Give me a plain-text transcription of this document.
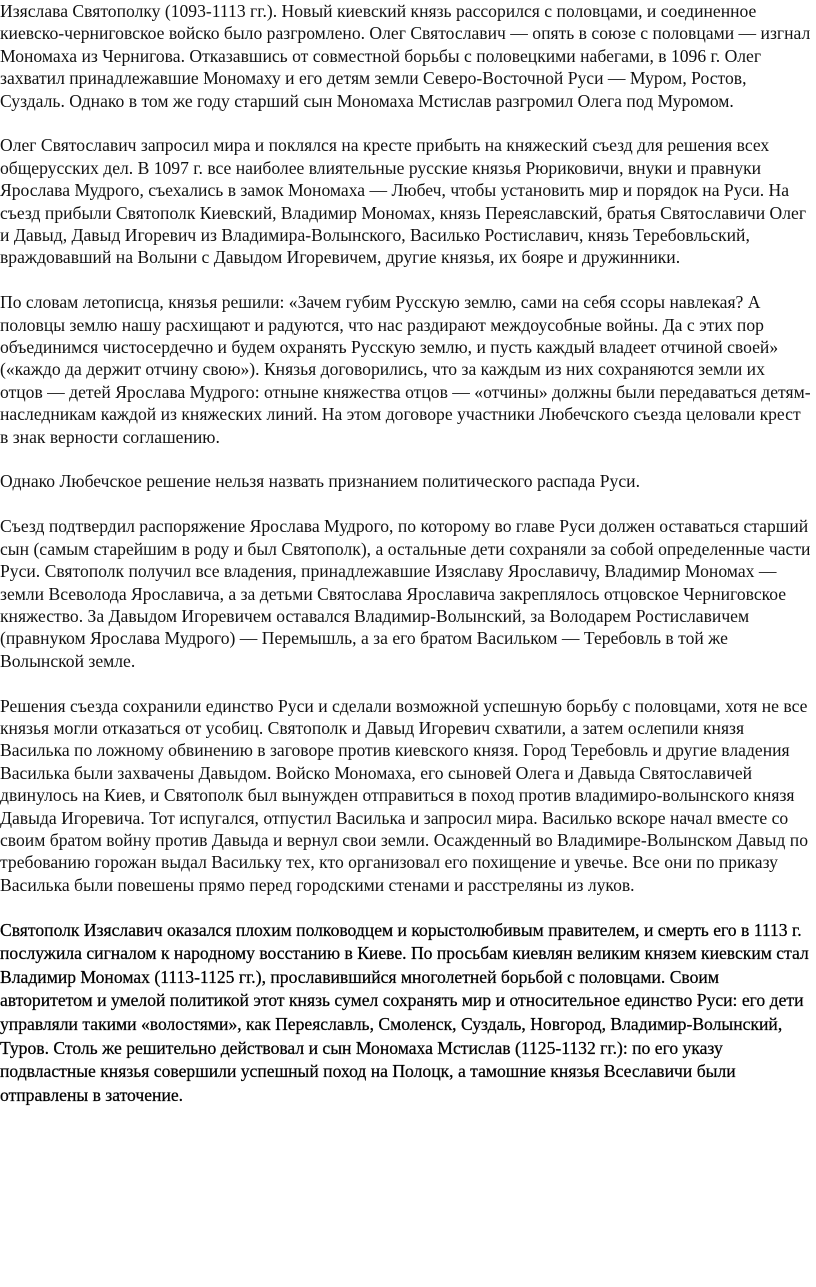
Изяслава Святополку (1093-1113 гг.). Новый киевский князь рассорился с половцами, и соединенное киевско-черниговское войско было разгромлено. Олег Святославич — опять в союзе с половцами — изгнал Мономаха из Чернигова. Отказавшись от совместной борьбы с половецкими набегами, в 1096 г. Олег захватил принадлежавшие Мономаху и его детям земли Северо-Восточной Руси — Муром, Ростов, Суздаль. Однако в том же году старший сын Мономаха Мстислав разгромил Олега под Муромом.

Олег Святославич запросил мира и поклялся на кресте прибыть на княжеский съезд для решения всех общерусских дел. В 1097 г. все наиболее влиятельные русские князья Рюриковичи, внуки и правнуки Ярослава Мудрого, съехались в замок Мономаха — Любеч, чтобы установить мир и порядок на Руси. На съезд прибыли Святополк Киевский, Владимир Мономах, князь Переяславский, братья Святославичи Олег и Давыд, Давыд Игоревич из Владимира-Волынского, Василько Ростиславич, князь Теребовльский, враждовавший на Волыни с Давыдом Игоревичем, другие князья, их бояре и дружинники.

По словам летописца, князья решили: «Зачем губим Русскую землю, сами на себя ссоры навлекая? А половцы землю нашу расхищают и радуются, что нас раздирают междоусобные войны. Да с этих пор объединимся чистосердечно и будем охранять Русскую землю, и пусть каждый владеет отчиной своей» («каждо да держит отчину свою»). Князья договорились, что за каждым из них сохраняются земли их отцов — детей Ярослава Мудрого: отныне княжества отцов — «отчины» должны были передаваться детям-наследникам каждой из княжеских линий. На этом договоре участники Любечского съезда целовали крест в знак верности соглашению.

Однако Любечское решение нельзя назвать признанием политического распада Руси.

Съезд подтвердил распоряжение Ярослава Мудрого, по которому во главе Руси должен оставаться старший сын (самым старейшим в роду и был Святополк), а остальные дети сохраняли за собой определенные части Руси. Святополк получил все владения, принадлежавшие Изяславу Ярославичу, Владимир Мономах — земли Всеволода Ярославича, а за детьми Святослава Ярославича закреплялось отцовское Черниговское княжество. За Давыдом Игоревичем оставался Владимир-Волынский, за Володарем Ростиславичем (правнуком Ярослава Мудрого) — Перемышль, а за его братом Васильком — Теребовль в той же Волынской земле.

Решения съезда сохранили единство Руси и сделали возможной успешную борьбу с половцами, хотя не все князья могли отказаться от усобиц. Святополк и Давыд Игоревич схватили, а затем ослепили князя Василька по ложному обвинению в заговоре против киевского князя. Город Теребовль и другие владения Василька были захвачены Давыдом. Войско Мономаха, его сыновей Олега и Давыда Святославичей двинулось на Киев, и Святополк был вынужден отправиться в поход против владимиро-волынского князя Давыда Игоревича. Тот испугался, отпустил Василька и запросил мира. Василько вскоре начал вместе со своим братом войну против Давыда и вернул свои земли. Осажденный во Владимире-Волынском Давыд по требованию горожан выдал Васильку тех, кто организовал его похищение и увечье. Все они по приказу Василька были повешены прямо перед городскими стенами и расстреляны из луков.

Святополк Изяславич оказался плохим полководцем и корыстолюбивым правителем, и смерть его в 1113 г. послужила сигналом к народному восстанию в Киеве. По просьбам киевлян великим князем киевским стал Владимир Мономах (1113-1125 гг.), прославившийся многолетней борьбой с половцами. Своим авторитетом и умелой политикой этот князь сумел сохранять мир и относительное единство Руси: его дети управляли такими «волостями», как Переяславль, Смоленск, Суздаль, Новгород, Владимир-Волынский, Туров. Столь же решительно действовал и сын Мономаха Мстислав (1125-1132 гг.): по его указу подвластные князья совершили успешный поход на Полоцк, а тамошние князья Всеславичи были отправлены в заточение.
